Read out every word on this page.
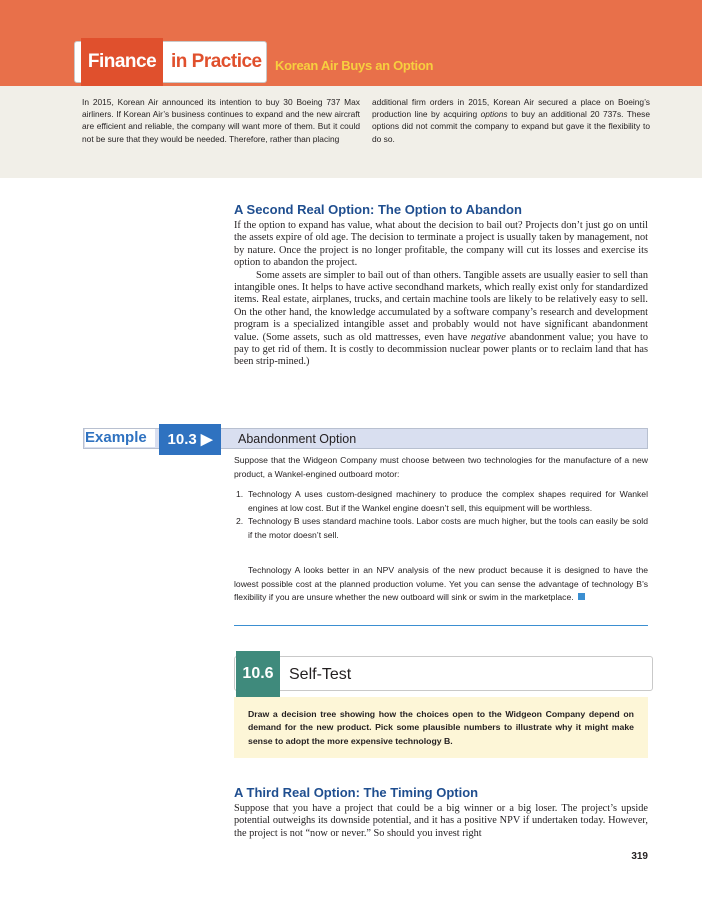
Finance in Practice Korean Air Buys an Option
In 2015, Korean Air announced its intention to buy 30 Boeing 737 Max airliners. If Korean Air’s business continues to expand and the new aircraft are efficient and reliable, the company will want more of them. But it could not be sure that they would be needed. Therefore, rather than placing
additional firm orders in 2015, Korean Air secured a place on Boeing’s production line by acquiring options to buy an additional 20 737s. These options did not commit the company to expand but gave it the flexibility to do so.
A Second Real Option: The Option to Abandon

If the option to expand has value, what about the decision to bail out? Projects don’t just go on until the assets expire of old age. The decision to terminate a project is usually taken by management, not by nature. Once the project is no longer profitable, the company will cut its losses and exercise its option to abandon the project.

Some assets are simpler to bail out of than others. Tangible assets are usually easier to sell than intangible ones. It helps to have active secondhand markets, which really exist only for standardized items. Real estate, airplanes, trucks, and certain machine tools are likely to be relatively easy to sell. On the other hand, the knowledge accumulated by a software company’s research and development program is a specialized intangible asset and probably would not have significant abandonment value. (Some assets, such as old mattresses, even have negative abandonment value; you have to pay to get rid of them. It is costly to decommission nuclear power plants or to reclaim land that has been strip-mined.)

Example	10.3 ▶	Abandonment Option

Suppose that the Widgeon Company must choose between two technologies for the manufacture of a new product, a Wankel-engined outboard motor:

1. Technology A uses custom-designed machinery to produce the complex shapes required for Wankel engines at low cost. But if the Wankel engine doesn’t sell, this equipment will be worthless.
2. Technology B uses standard machine tools. Labor costs are much higher, but the tools can easily be sold if the motor doesn’t sell.

Technology A looks better in an NPV analysis of the new product because it is designed to have the lowest possible cost at the planned production volume. Yet you can sense the advantage of technology B’s flexibility if you are unsure whether the new outboard will sink or swim in the marketplace.

10.6 Self-Test
Draw a decision tree showing how the choices open to the Widgeon Company depend on demand for the new product. Pick some plausible numbers to illustrate why it might make sense to adopt the more expensive technology B.
A Third Real Option: The Timing Option

Suppose that you have a project that could be a big winner or a big loser. The project’s upside potential outweighs its downside potential, and it has a positive NPV if undertaken today. However, the project is not “now or never.” So should you invest right

319
